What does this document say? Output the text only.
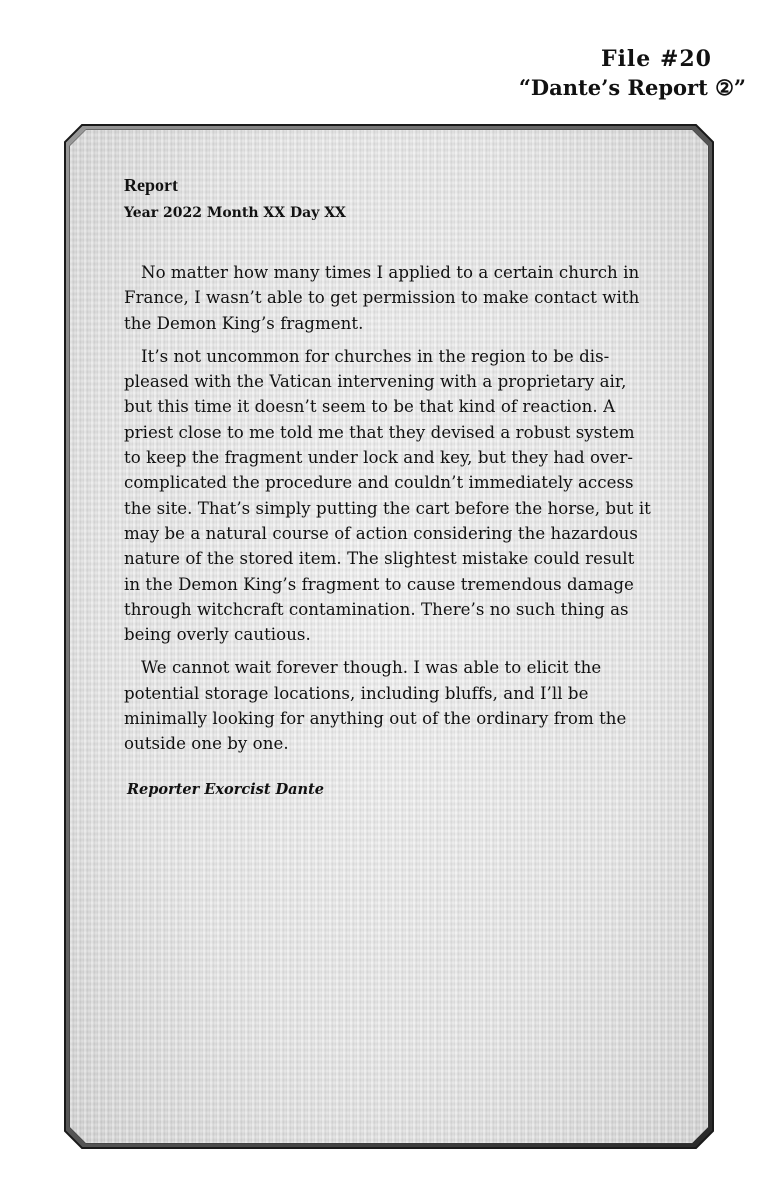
File #20
“Dante’s Report ②”
Report
Year 2022 Month XX Day XX

No matter how many times I applied to a certain church in
France, I wasn’t able to get permission to make contact with
the Demon King’s fragment.

It’s not uncommon for churches in the region to be dis-
pleased with the Vatican intervening with a proprietary air,
but this time it doesn’t seem to be that kind of reaction. A
priest close to me told me that they devised a robust system
to keep the fragment under lock and key, but they had over-
complicated the procedure and couldn’t immediately access
the site. That’s simply putting the cart before the horse, but it
may be a natural course of action considering the hazardous
nature of the stored item. The slightest mistake could result
in the Demon King’s fragment to cause tremendous damage
through witchcraft contamination. There’s no such thing as
being overly cautious.

We cannot wait forever though. I was able to elicit the
potential storage locations, including bluffs, and I’ll be
minimally looking for anything out of the ordinary from the
outside one by one.

Reporter Exorcist Dante
